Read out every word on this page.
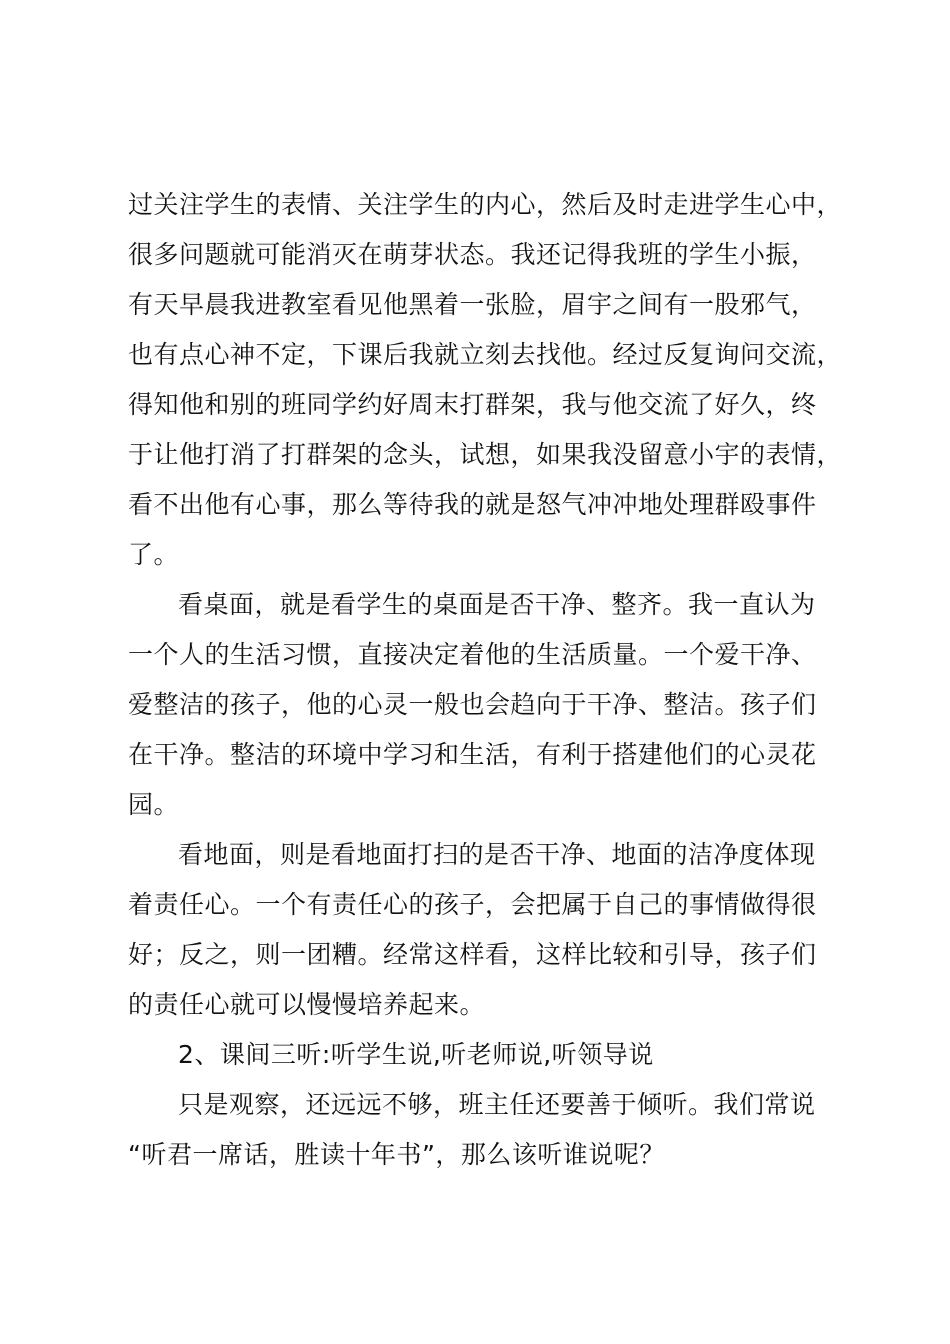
过关注学生的表情、关注学生的内心，然后及时走进学生心中，
很多问题就可能消灭在萌芽状态。我还记得我班的学生小振，
有天早晨我进教室看见他黑着一张脸，眉宇之间有一股邪气，
也有点心神不定，下课后我就立刻去找他。经过反复询问交流，
得知他和别的班同学约好周末打群架，我与他交流了好久，终
于让他打消了打群架的念头，试想，如果我没留意小宇的表情，
看不出他有心事，那么等待我的就是怒气冲冲地处理群殴事件
了。

看桌面，就是看学生的桌面是否干净、整齐。我一直认为
一个人的生活习惯，直接决定着他的生活质量。一个爱干净、
爱整洁的孩子，他的心灵一般也会趋向于干净、整洁。孩子们
在干净。整洁的环境中学习和生活，有利于搭建他们的心灵花
园。

看地面，则是看地面打扫的是否干净、地面的洁净度体现
着责任心。一个有责任心的孩子，会把属于自己的事情做得很
好；反之，则一团糟。经常这样看，这样比较和引导，孩子们
的责任心就可以慢慢培养起来。

2、课间三听:听学生说,听老师说,听领导说

只是观察，还远远不够，班主任还要善于倾听。我们常说
“听君一席话，胜读十年书”，那么该听谁说呢？
